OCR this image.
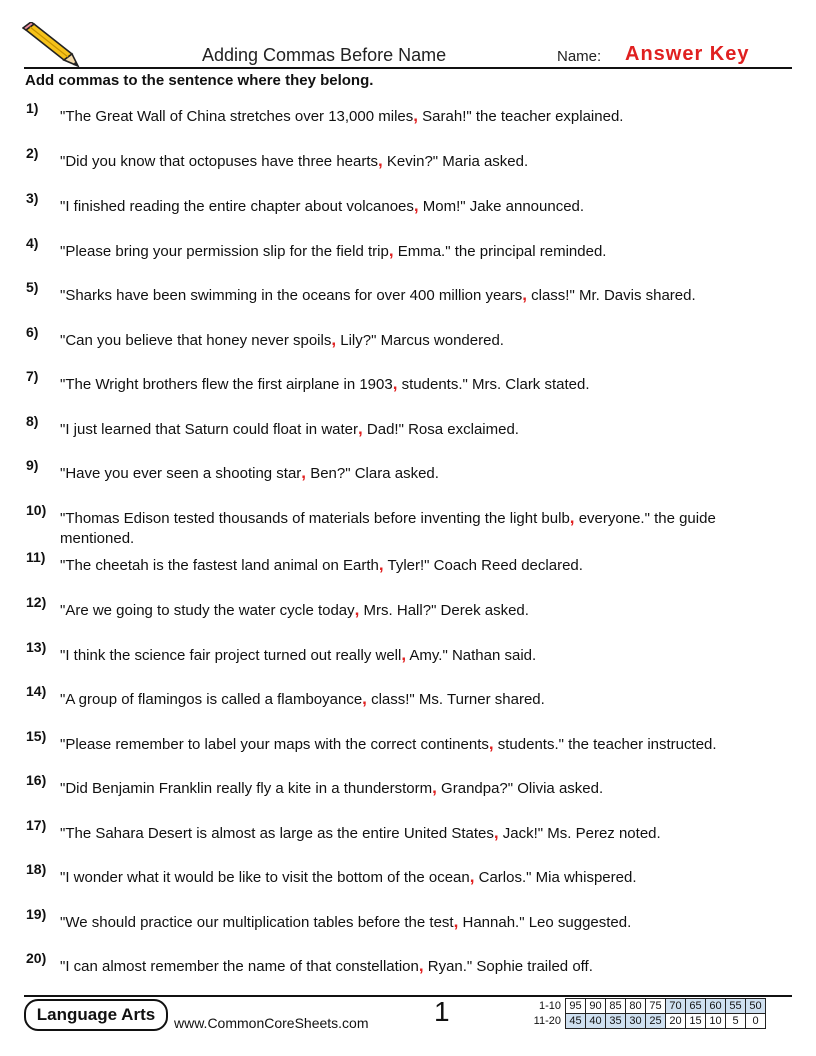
Adding Commas Before Name	Name: Answer Key
Add commas to the sentence where they belong.
1)	"The Great Wall of China stretches over 13,000 miles, Sarah!" the teacher explained.
2)	"Did you know that octopuses have three hearts, Kevin?" Maria asked.
3)	"I finished reading the entire chapter about volcanoes, Mom!" Jake announced.
4)	"Please bring your permission slip for the field trip, Emma." the principal reminded.
5)	"Sharks have been swimming in the oceans for over 400 million years, class!" Mr. Davis shared.
6)	"Can you believe that honey never spoils, Lily?" Marcus wondered.
7)	"The Wright brothers flew the first airplane in 1903, students." Mrs. Clark stated.
8)	"I just learned that Saturn could float in water, Dad!" Rosa exclaimed.
9)	"Have you ever seen a shooting star, Ben?" Clara asked.
10) "Thomas Edison tested thousands of materials before inventing the light bulb, everyone." the guide mentioned.
11) "The cheetah is the fastest land animal on Earth, Tyler!" Coach Reed declared.
12) "Are we going to study the water cycle today, Mrs. Hall?" Derek asked.
13) "I think the science fair project turned out really well, Amy." Nathan said.
14) "A group of flamingos is called a flamboyance, class!" Ms. Turner shared.
15) "Please remember to label your maps with the correct continents, students." the teacher instructed.
16) "Did Benjamin Franklin really fly a kite in a thunderstorm, Grandpa?" Olivia asked.
17) "The Sahara Desert is almost as large as the entire United States, Jack!" Ms. Perez noted.
18) "I wonder what it would be like to visit the bottom of the ocean, Carlos." Mia whispered.
19) "We should practice our multiplication tables before the test, Hannah." Leo suggested.
20) "I can almost remember the name of that constellation, Ryan." Sophie trailed off.
Language Arts	www.CommonCoreSheets.com 1	1-10	95	90	85	80	75	70	65	60	55	50
11-20	45	40	35	30	25	20	15	10	5	0
